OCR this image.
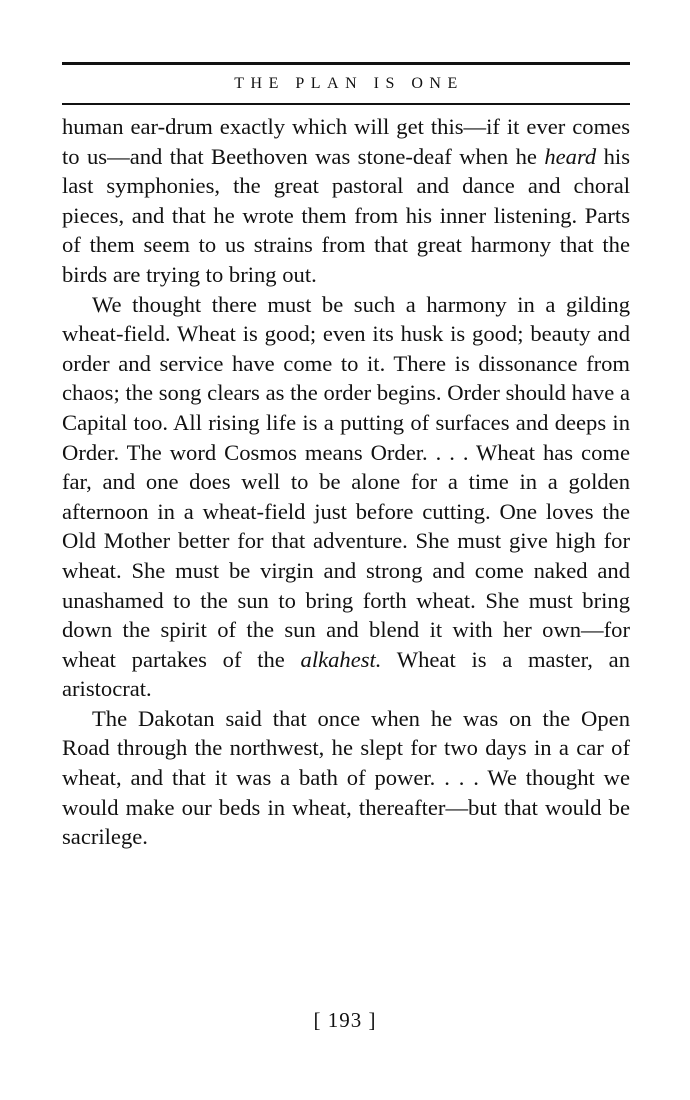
THE PLAN IS ONE

human ear-drum exactly which will get this—if it ever comes to us—and that Beethoven was stone-deaf when he heard his last symphonies, the great pastoral and dance and choral pieces, and that he wrote them from his inner listening. Parts of them seem to us strains from that great harmony that the birds are trying to bring out.

We thought there must be such a harmony in a gilding wheat-field. Wheat is good; even its husk is good; beauty and order and service have come to it. There is dissonance from chaos; the song clears as the order begins. Order should have a Capital too. All rising life is a putting of surfaces and deeps in Order. The word Cosmos means Order. . . . Wheat has come far, and one does well to be alone for a time in a golden afternoon in a wheat-field just before cutting. One loves the Old Mother better for that adventure. She must give high for wheat. She must be virgin and strong and come naked and unashamed to the sun to bring forth wheat. She must bring down the spirit of the sun and blend it with her own—for wheat partakes of the alkahest. Wheat is a master, an aristocrat.

The Dakotan said that once when he was on the Open Road through the northwest, he slept for two days in a car of wheat, and that it was a bath of power. . . . We thought we would make our beds in wheat, thereafter—but that would be sacrilege.

[ 193 ]
